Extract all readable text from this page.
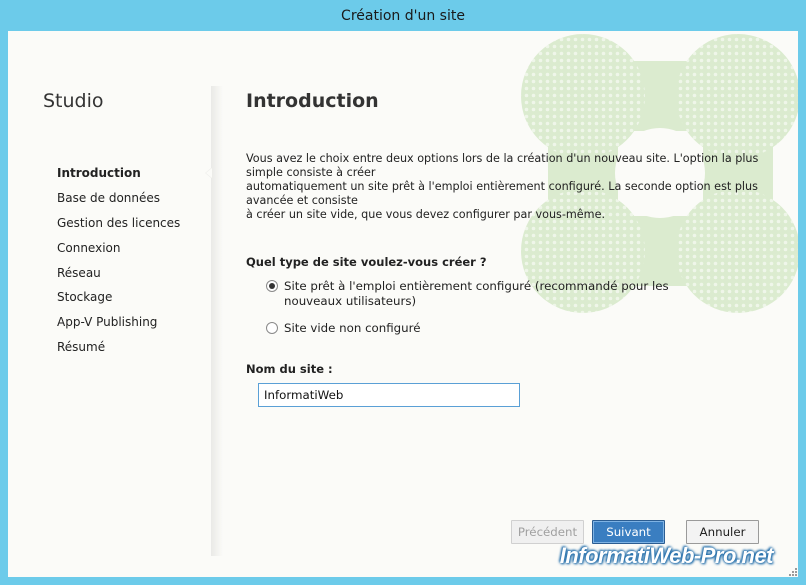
Création d'un site
Studio
Introduction
Base de données
Gestion des licences
Connexion
Réseau
Stockage
App-V Publishing
Résumé
Introduction

Vous avez le choix entre deux options lors de la création d'un nouveau site. L'option la plus simple consiste à créer

automatiquement un site prêt à l'emploi entièrement configuré. La seconde option est plus avancée et consiste

à créer un site vide, que vous devez configurer par vous-même.

Quel type de site voulez-vous créer ?
Site prêt à l'emploi entièrement configuré (recommandé pour les nouveaux utilisateurs)
Site vide non configuré
Nom du site :
InformatiWeb
Précédent	Suivant	Annuler
InformatiWeb-Pro.net
